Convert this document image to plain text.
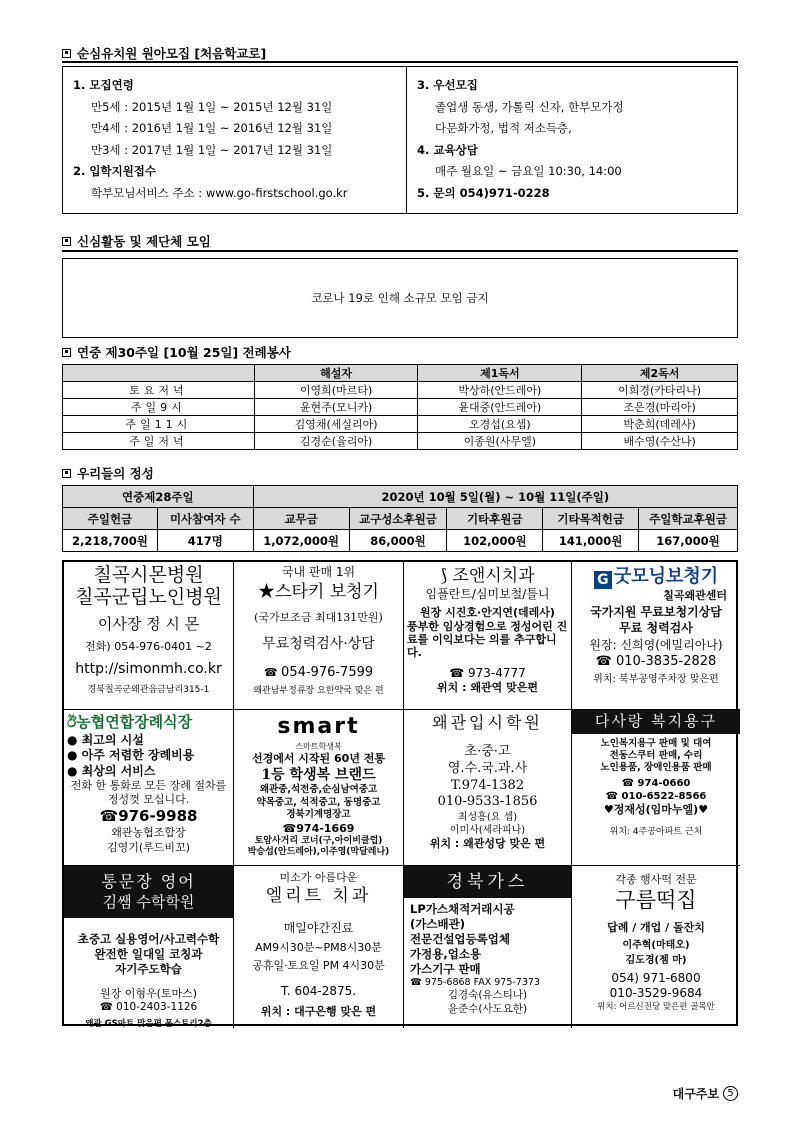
순심유치원 원아모집 [처음학교로]
1. 모집연령
만5세 : 2015년 1월 1일 ~ 2015년 12월 31일
만4세 : 2016년 1월 1일 ~ 2016년 12월 31일
만3세 : 2017년 1월 1일 ~ 2017년 12월 31일
2. 입학지원접수
학부모님서비스 주소 : www.go-firstschool.go.kr
3. 우선모집
졸업생 동생, 가톨릭 신자, 한부모가정
다문화가정, 법적 저소득층,
4. 교육상담
매주 월요일 ~ 금요일 10:30, 14:00
5. 문의 054)971-0228
신심활동 및 제단체 모임
코로나 19로 인해 소규모 모임 금지
연중 제30주일 [10월 25일] 전례봉사
	해설자	제1독서	제2독서
토요저녁	이영희(마르타)	박상하(안드레아)	이희경(카타리나)
주일9시	윤현주(모니카)	윤대중(안드레아)	조은경(마리아)
주일11시	김영채(세실리아)	오경섭(요셉)	박춘희(데레사)
주일저녁	김경순(율리아)	이종원(사무엘)	배수영(수산나)
우리들의 정성
연중제28주일		2020년 10월 5일(월) ~ 10월 11일(주일)				
주일헌금	미사참여자 수	교무금	교구성소후원금	기타후원금	기타목적헌금	주일학교후원금
2,218,700원	417명	1,072,000원	86,000원	102,000원	141,000원	167,000원
칠곡시몬병원
칠곡군립노인병원
이사장 정 시 몬
전화) 054-976-0401 ~2
http://simonmh.co.kr
경북칠곡군왜관읍금남리315-1
국내 판매 1위
★스타키 보청기
(국가보조금 최대131만원)
무료청력검사·상담
☎ 054-976-7599
왜관남부정류장 요한약국 맞은 편
⟆ 조앤시치과
임플란트/심미보철/틀니
원장 시진호·안지연(데레사)
풍부한 임상경험으로 정성어린 진료를 이익보다는 의를 추구합니다.
☎ 973-4777
위치 : 왜관역 맞은편
G 굿모닝보청기
칠곡왜관센터
국가지원 무료보청기상담
무료 청력검사
원장: 신희영(에밀리아나)
☎ 010-3835-2828
위치: 북부공영주차장 맞은편
ඊ농협연합장례식장
● 최고의 시설
● 아주 저렴한 장례비용
● 최상의 서비스
전화 한 통화로 모든 장례 절차를 정성껏 모십니다.
☎976-9988
왜관농협조합장
김영기(루드비꼬)
smart
스마트학생복
선경에서 시작된 60년 전통
1등 학생복 브랜드
왜관중,석전중,순심남여중고
약목중고, 석적중고, 동명중고
경북기계명장고
☎974-1669
토암사거리 코너(구,아이비클럽)
박승섭(안드레아),이주영(막달레나)
왜관입시학원
초·중·고
영.수.국.과.사
T.974-1382
010-9533-1856
최성흥(요 셉)
이미사(세라피나)
위치 : 왜관성당 맞은 편
다사랑 복지용구
노인복지용구 판매 및 대여
전동스쿠터 판매, 수리
노인용품, 장애인용품 판매
☎ 974-0660
☎ 010-6522-8566
♥정재성(임마누엘)♥
위치: 4주공아파트 근처
통문장 영어
김쌤 수학학원
초중고 실용영어/사고력수학
완전한 일대일 코칭과
자기주도학습
원장 이형우(토마스)
☎ 010-2403-1126
왜관 GS마트 맞은편 폰스토리2층
미소가 아름다운
엘리트 치과
매일야간진료
AM9시30분~PM8시30분
공휴일·토요일 PM 4시30분
T. 604-2875.
위치 : 대구은행 맞은 편
경북가스
LP가스채적거래시공
(가스배관)
전문건설업등록업체
가정용,업소용
가스기구 판매
☎ 975-6868 FAX 975-7373
김경숙(유스티나)
윤준수(사도요한)
각종 행사떡 전문
구름떡집
답례 / 개업 / 돌잔치
이주혁(마태오)
김도경(젬 마)
054) 971-6800
010-3529-9684
위치: 어르신전당 맞은편 골목안
대구주보 5
